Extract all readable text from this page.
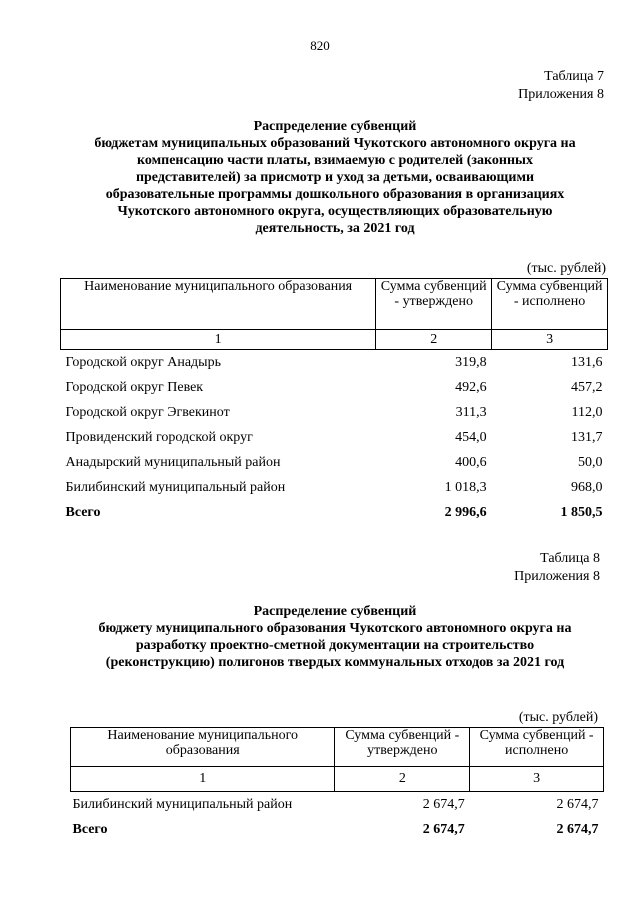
820
Таблица 7
Приложения 8
Распределение субвенций
бюджетам муниципальных образований Чукотского автономного округа на
компенсацию части платы, взимаемую с родителей (законных
представителей) за присмотр и уход за детьми, осваивающими
образовательные программы дошкольного образования в организациях
Чукотского автономного округа, осуществляющих образовательную
деятельность, за 2021 год
(тыс. рублей)
Наименование муниципального образования	Сумма субвенций - утверждено	Сумма субвенций - исполнено
1	2	3
Городской округ Анадырь	319,8	131,6
Городской округ Певек	492,6	457,2
Городской округ Эгвекинот	311,3	112,0
Провиденский городской округ	454,0	131,7
Анадырский муниципальный район	400,6	50,0
Билибинский муниципальный район	1 018,3	968,0
Всего	2 996,6	1 850,5
Таблица 8
Приложения 8
Распределение субвенций
бюджету муниципального образования Чукотского автономного округа на
разработку проектно-сметной документации на строительство
(реконструкцию) полигонов твердых коммунальных отходов за 2021 год
(тыс. рублей)
Наименование муниципального образования	Сумма субвенций - утверждено	Сумма субвенций - исполнено
1	2	3
Билибинский муниципальный район	2 674,7	2 674,7
Всего	2 674,7	2 674,7
